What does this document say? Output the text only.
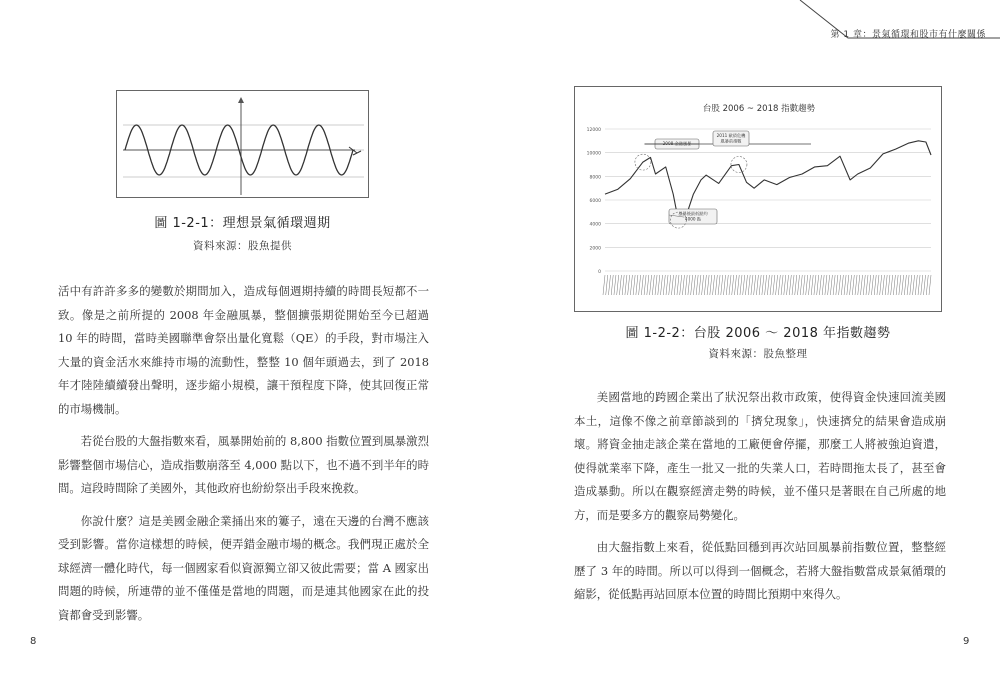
第 1 章：景氣循環和股市有什麼關係
圖 1-2-1：理想景氣循環週期
資料來源：股魚提供

活中有許許多多的變數於期間加入，造成每個週期持續的時間長短都不一致。像是之前所提的 2008 年金融風暴，整個擴張期從開始至今已超過 10 年的時間，當時美國聯準會祭出量化寬鬆（QE）的手段，對市場注入大量的資金活水來維持市場的流動性，整整 10 個年頭過去，到了 2018 年才陸陸續續發出聲明，逐步縮小規模，讓干預程度下降，使其回復正常的市場機制。

若從台股的大盤指數來看，風暴開始前的 8,800 指數位置到風暴激烈影響整個市場信心，造成指數崩落至 4,000 點以下，也不過不到半年的時間。這段時間除了美國外，其他政府也紛紛祭出手段來挽救。

你說什麼？這是美國金融企業捅出來的簍子，遠在天邊的台灣不應該受到影響。當你這樣想的時候，便弄錯金融市場的概念。我們現正處於全球經濟一體化時代，每一個國家看似資源獨立卻又彼此需要；當 A 國家出問題的時候，所連帶的並不僅僅是當地的問題，而是連其他國家在此的投資都會受到影響。

8
台股 2006 ~ 2018 指數趨勢
0
2000
4000
6000
8000
10000
12000
2008 金融風暴
2011 歐債危機
風暴前指數
風暴後最低點約
4000 點
圖 1-2-2：台股 2006 ～ 2018 年指數趨勢
資料來源：股魚整理

美國當地的跨國企業出了狀況祭出救市政策，使得資金快速回流美國本土，這像不像之前章節談到的「擠兌現象」，快速擠兌的結果會造成崩壞。將資金抽走該企業在當地的工廠便會停擺，那麼工人將被強迫資遣，使得就業率下降，產生一批又一批的失業人口，若時間拖太長了，甚至會造成暴動。所以在觀察經濟走勢的時候，並不僅只是著眼在自己所處的地方，而是要多方的觀察局勢變化。

由大盤指數上來看，從低點回穩到再次站回風暴前指數位置，整整經歷了 3 年的時間。所以可以得到一個概念，若將大盤指數當成景氣循環的縮影，從低點再站回原本位置的時間比預期中來得久。

9
